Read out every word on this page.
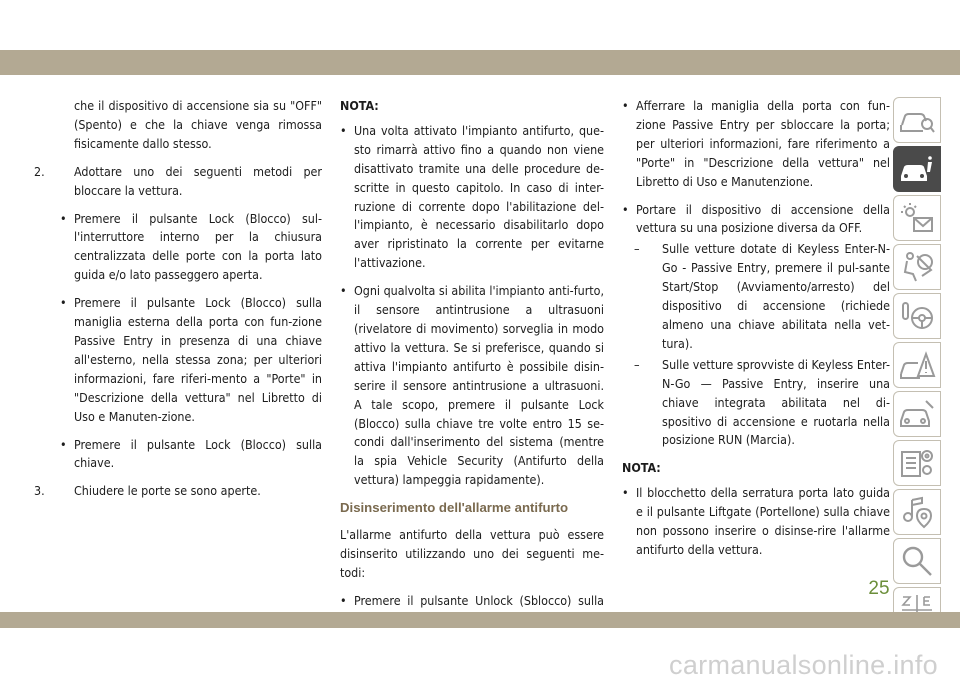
che il dispositivo di accensione sia su "OFF" (Spento) e che la chiave venga rimossa fisicamente dallo stesso.

2. Adottare uno dei seguenti metodi per bloccare la vettura.
• Premere il pulsante Lock (Blocco) sul-l'interruttore interno per la chiusura centralizzata delle porte con la porta lato guida e/o lato passeggero aperta.
• Premere il pulsante Lock (Blocco) sulla maniglia esterna della porta con fun-zione Passive Entry in presenza di una chiave all'esterno, nella stessa zona; per ulteriori informazioni, fare riferi-mento a "Porte" in "Descrizione della vettura" nel Libretto di Uso e Manuten-zione.
• Premere il pulsante Lock (Blocco) sulla chiave.
3. Chiudere le porte se sono aperte.

NOTA:

• Una volta attivato l'impianto antifurto, que-sto rimarrà attivo fino a quando non viene disattivato tramite una delle procedure de-scritte in questo capitolo. In caso di inter-ruzione di corrente dopo l'abilitazione del-l'impianto, è necessario disabilitarlo dopo aver ripristinato la corrente per evitarne l'attivazione.
• Ogni qualvolta si abilita l'impianto anti-furto, il sensore antintrusione a ultrasuoni (rivelatore di movimento) sorveglia in modo attivo la vettura. Se si preferisce, quando si attiva l'impianto antifurto è possibile disin-serire il sensore antintrusione a ultrasuoni. A tale scopo, premere il pulsante Lock (Blocco) sulla chiave tre volte entro 15 se-condi dall'inserimento del sistema (mentre la spia Vehicle Security (Antifurto della vettura) lampeggia rapidamente).
Disinserimento dell'allarme antifurto

L'allarme antifurto della vettura può essere disinserito utilizzando uno dei seguenti me-todi:

• Premere il pulsante Unlock (Sblocco) sulla
• Afferrare la maniglia della porta con fun-zione Passive Entry per sbloccare la porta; per ulteriori informazioni, fare riferimento a "Porte" in "Descrizione della vettura" nel Libretto di Uso e Manutenzione.
• Portare il dispositivo di accensione della vettura su una posizione diversa da OFF.
– Sulle vetture dotate di Keyless Enter-N-Go - Passive Entry, premere il pul-sante Start/Stop (Avviamento/arresto) del dispositivo di accensione (richiede almeno una chiave abilitata nella vet-tura).
– Sulle vetture sprovviste di Keyless Enter-N-Go — Passive Entry, inserire una chiave integrata abilitata nel di-spositivo di accensione e ruotarla nella posizione RUN (Marcia).

NOTA:

• Il blocchetto della serratura porta lato guida e il pulsante Liftgate (Portellone) sulla chiave non possono inserire o disinse-rire l'allarme antifurto della vettura.
25
carmanualsonline.info
